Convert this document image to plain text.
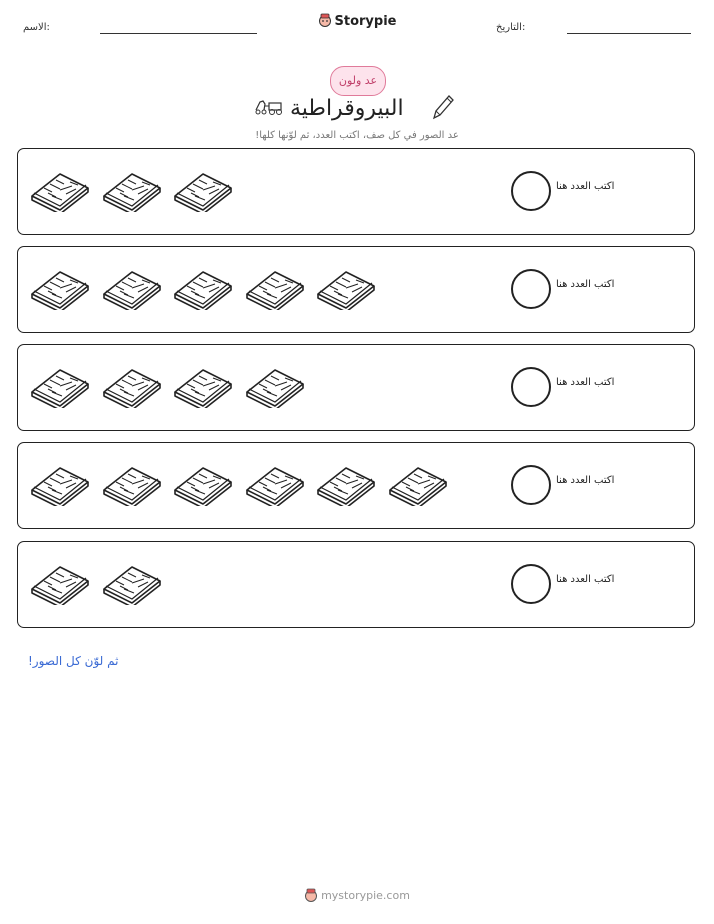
الاسم:	Storypie	التاريخ:
عد ولون
البيروقراطية
عد الصور في كل صف، اكتب العدد، ثم لوّنها كلها!
اكتب العدد هنا
اكتب العدد هنا
اكتب العدد هنا
اكتب العدد هنا
اكتب العدد هنا
ثم لوّن كل الصور!
mystorypie.com
